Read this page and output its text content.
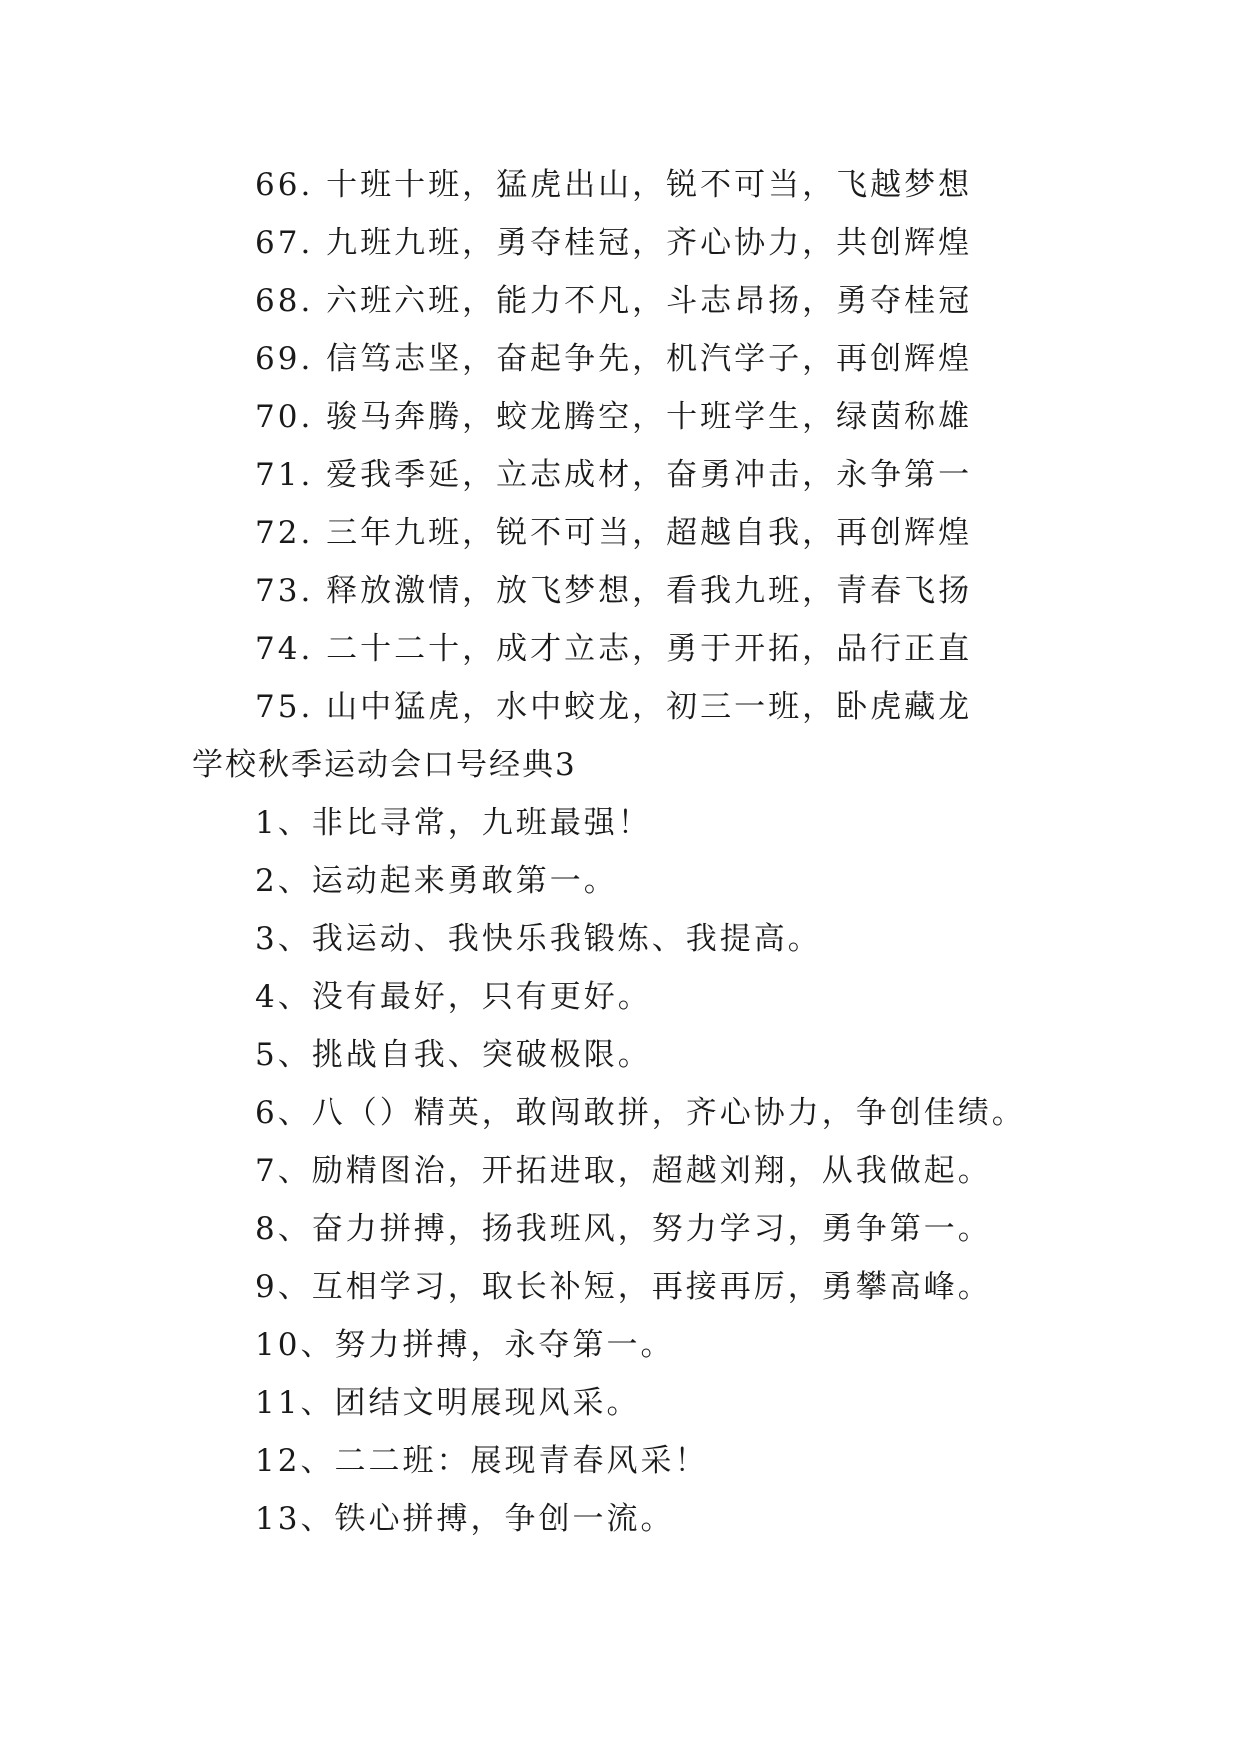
66. 十班十班，猛虎出山，锐不可当，飞越梦想
67. 九班九班，勇夺桂冠，齐心协力，共创辉煌
68. 六班六班，能力不凡，斗志昂扬，勇夺桂冠
69. 信笃志坚，奋起争先，机汽学子，再创辉煌
70. 骏马奔腾，蛟龙腾空，十班学生，绿茵称雄
71. 爱我季延，立志成材，奋勇冲击，永争第一
72. 三年九班，锐不可当，超越自我，再创辉煌
73. 释放激情，放飞梦想，看我九班，青春飞扬
74. 二十二十，成才立志，勇于开拓，品行正直
75. 山中猛虎，水中蛟龙，初三一班，卧虎藏龙
学校秋季运动会口号经典3
1、非比寻常，九班最强！
2、运动起来勇敢第一。
3、我运动、我快乐我锻炼、我提高。
4、没有最好，只有更好。
5、挑战自我、突破极限。
6、八（）精英，敢闯敢拼，齐心协力，争创佳绩。
7、励精图治，开拓进取，超越刘翔，从我做起。
8、奋力拼搏，扬我班风，努力学习，勇争第一。
9、互相学习，取长补短，再接再厉，勇攀高峰。
10、努力拼搏，永夺第一。
11、团结文明展现风采。
12、二二班：展现青春风采！
13、铁心拼搏，争创一流。
